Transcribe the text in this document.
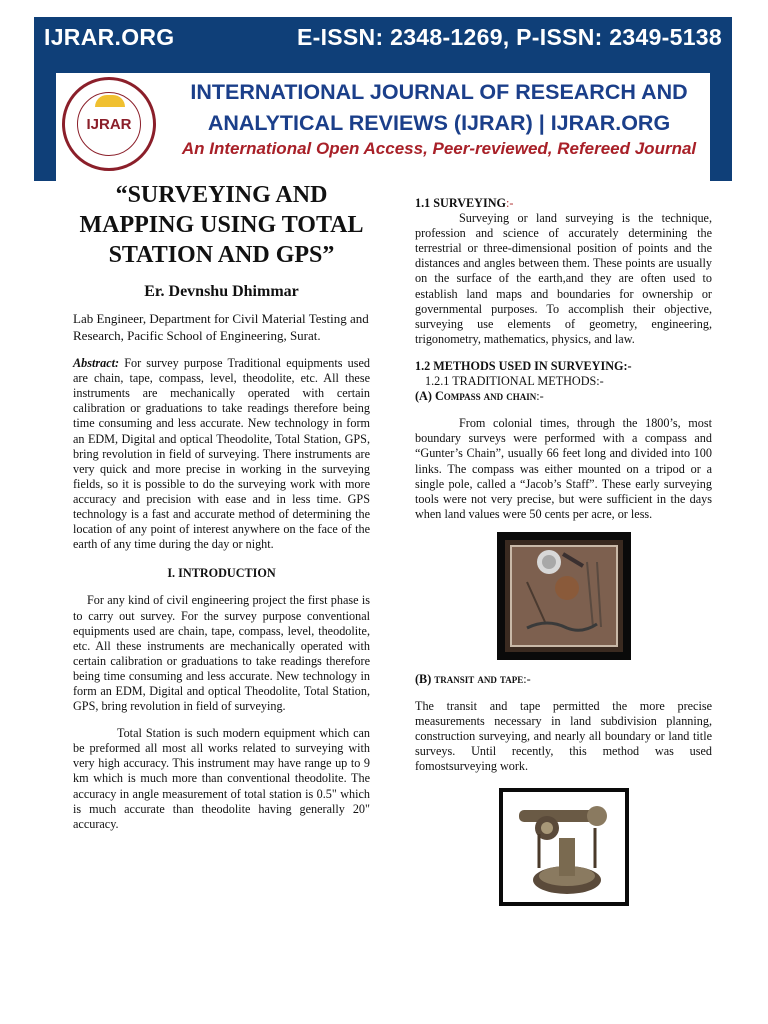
IJRAR.ORG	E-ISSN: 2348-1269, P-ISSN: 2349-5138
IJRAR
INTERNATIONAL JOURNAL OF RESEARCH AND
ANALYTICAL REVIEWS (IJRAR) | IJRAR.ORG
An International Open Access, Peer-reviewed, Refereed Journal
“SURVEYING AND MAPPING USING TOTAL STATION AND GPS”

Er. Devnshu Dhimmar

Lab Engineer, Department for Civil Material Testing and Research, Pacific School of Engineering, Surat.

Abstract: For survey purpose Traditional equipments used are chain, tape, compass, level, theodolite, etc. All these instruments are mechanically operated with certain calibration or graduations to take readings therefore being time consuming and less accurate. New technology in form an EDM, Digital and optical Theodolite, Total Station, GPS, bring revolution in field of surveying. There instruments are very quick and more precise in working in the surveying fields, so it is possible to do the surveying work with more accuracy and precision with ease and in less time. GPS technology is a fast and accurate method of determining the location of any point of interest anywhere on the face of the earth of any time during the day or night.

I. INTRODUCTION

For any kind of civil engineering project the first phase is to carry out survey. For the survey purpose conventional equipments used are chain, tape, compass, level, theodolite, etc. All these instruments are mechanically operated with certain calibration or graduations to take readings therefore being time consuming and less accurate. New technology in form an EDM, Digital and optical Theodolite, Total Station, GPS, bring revolution in field of surveying.

Total Station is such modern equipment which can be preformed all most all works related to surveying with very high accuracy. This instrument may have range up to 9 km which is much more than conventional theodolite. The accuracy in angle measurement of total station is 0.5" which is much accurate than theodolite having generally 20" accuracy.

1.1 SURVEYING:-

Surveying or land surveying is the technique, profession and science of accurately determining the terrestrial or three-dimensional position of points and the distances and angles between them. These points are usually on the surface of the earth,and they are often used to establish land maps and boundaries for ownership or governmental purposes. To accomplish their objective, surveying use elements of geometry, engineering, trigonometry, mathematics, physics, and law.

1.2 METHODS USED IN SURVEYING:-

1.2.1 TRADITIONAL METHODS:-

(A) Compass and chain:-

From colonial times, through the 1800’s, most boundary surveys were performed with a compass and “Gunter’s Chain”, usually 66 feet long and divided into 100 links. The compass was either mounted on a tripod or a single pole, called a “Jacob’s Staff”. These early surveying tools were not very precise, but were sufficient in the days when land values were 50 cents per acre, or less.

(B) transit and tape:-

The transit and tape permitted the more precise measurements necessary in land subdivision planning, construction surveying, and nearly all boundary or land title surveys. Until recently, this method was used fomostsurveying work.
